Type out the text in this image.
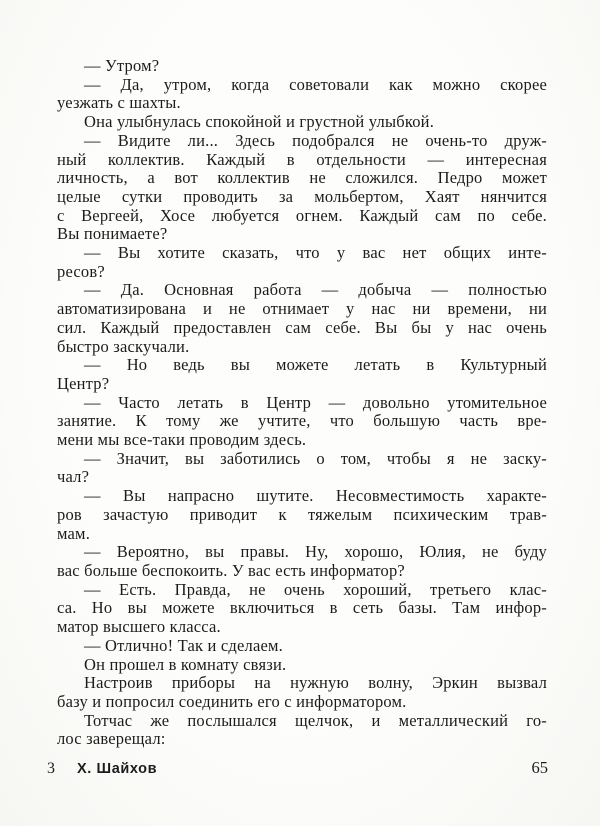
— Утром?
— Да, утром, когда советовали как можно скорее
уезжать с шахты.
Она улыбнулась спокойной и грустной улыбкой.
— Видите ли... Здесь подобрался не очень-то друж-
ный коллектив. Каждый в отдельности — интересная
личность, а вот коллектив не сложился. Педро может
целые сутки проводить за мольбертом, Хаят нянчится
с Вергеей, Хосе любуется огнем. Каждый сам по себе.
Вы понимаете?
— Вы хотите сказать, что у вас нет общих инте-
ресов?
— Да. Основная работа — добыча — полностью
автоматизирована и не отнимает у нас ни времени, ни
сил. Каждый предоставлен сам себе. Вы бы у нас очень
быстро заскучали.
— Но ведь вы можете летать в Культурный
Центр?
— Часто летать в Центр — довольно утомительное
занятие. К тому же учтите, что большую часть вре-
мени мы все-таки проводим здесь.
— Значит, вы заботились о том, чтобы я не заску-
чал?
— Вы напрасно шутите. Несовместимость характе-
ров зачастую приводит к тяжелым психическим трав-
мам.
— Вероятно, вы правы. Ну, хорошо, Юлия, не буду
вас больше беспокоить. У вас есть информатор?
— Есть. Правда, не очень хороший, третьего клас-
са. Но вы можете включиться в сеть базы. Там инфор-
матор высшего класса.
— Отлично! Так и сделаем.
Он прошел в комнату связи.
Настроив приборы на нужную волну, Эркин вызвал
базу и попросил соединить его с информатором.
Тотчас же послышался щелчок, и металлический го-
лос заверещал:
3 Х. Шайхов	65
